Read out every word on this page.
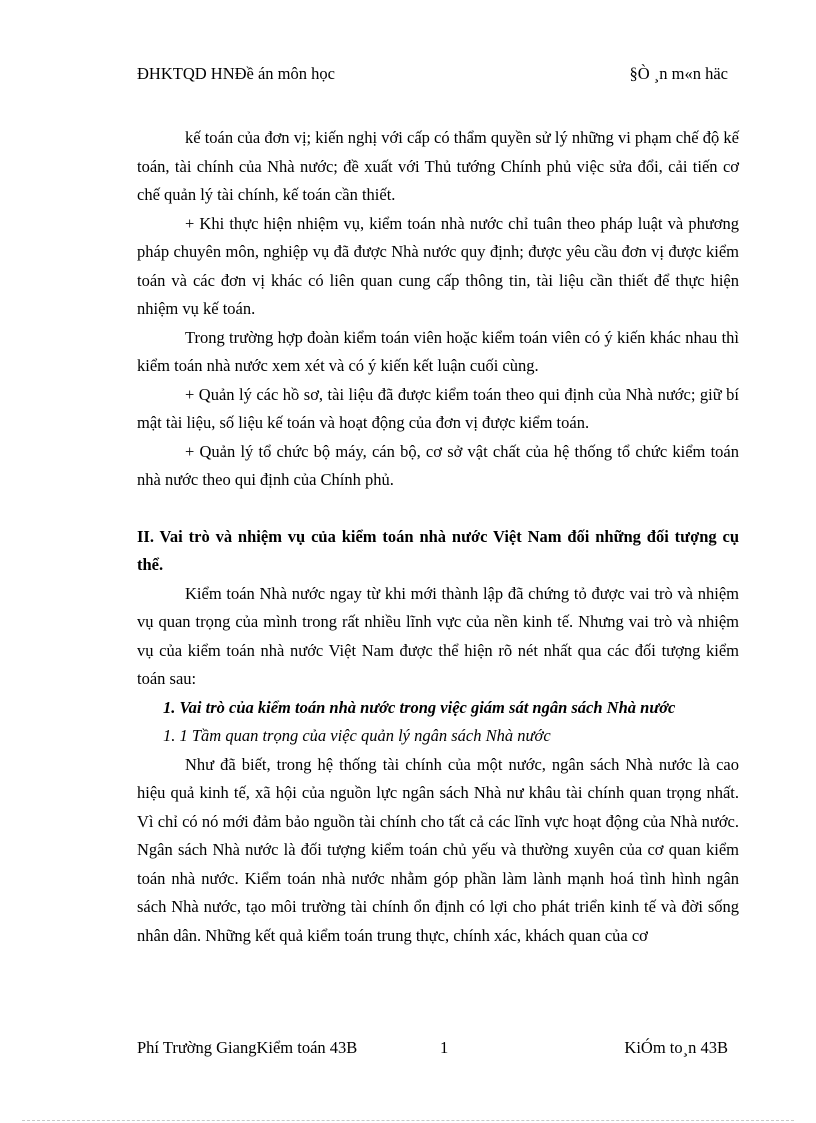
ĐHKTQD HNĐề án môn học	§Ò ¸n m«n häc

kế toán của đơn vị; kiến nghị với cấp có thẩm quyền sử lý những vi phạm chế độ kế toán, tài chính của Nhà nước; đề xuất với Thủ tướng Chính phủ việc sửa đổi, cải tiến cơ chế quản lý tài chính, kế toán cần thiết.

+ Khi thực hiện nhiệm vụ, kiểm toán nhà nước chỉ tuân theo pháp luật và phương pháp chuyên môn, nghiệp vụ đã được Nhà nước quy định; được yêu cầu đơn vị được kiểm toán và các đơn vị khác có liên quan cung cấp thông tin, tài liệu cần thiết để thực hiện nhiệm vụ kế toán.

Trong trường hợp đoàn kiểm toán viên hoặc kiểm toán viên có ý kiến khác nhau thì kiểm toán nhà nước xem xét và có ý kiến kết luận cuối cùng.

+ Quản lý các hồ sơ, tài liệu đã được kiểm toán theo qui định của Nhà nước; giữ bí mật tài liệu, số liệu kế toán và hoạt động của đơn vị được kiểm toán.

+ Quản lý tổ chức bộ máy, cán bộ, cơ sở vật chất của hệ thống tổ chức kiểm toán nhà nước theo qui định của Chính phủ.

II. Vai trò và nhiệm vụ của kiểm toán nhà nước Việt Nam đối những đối tượng cụ thể.

Kiểm toán Nhà nước ngay từ khi mới thành lập đã chứng tỏ được vai trò và nhiệm vụ quan trọng của mình trong rất nhiều lĩnh vực của nền kinh tế. Nhưng vai trò và nhiệm vụ của kiểm toán nhà nước Việt Nam được thể hiện rõ nét nhất qua các đối tượng kiểm toán sau:

1. Vai trò của kiểm toán nhà nước trong việc giám sát ngân sách Nhà nước

1. 1 Tầm quan trọng của việc quản lý ngân sách Nhà nước

Như đã biết, trong hệ thống tài chính của một nước, ngân sách Nhà nước là cao hiệu quả kinh tế, xã hội của nguồn lực ngân sách Nhà nư khâu tài chính quan trọng nhất. Vì chỉ có nó mới đảm bảo nguồn tài chính cho tất cả các lĩnh vực hoạt động của Nhà nước. Ngân sách Nhà nước là đối tượng kiểm toán chủ yếu và thường xuyên của cơ quan kiểm toán nhà nước. Kiểm toán nhà nước nhằm góp phần làm lành mạnh hoá tình hình ngân sách Nhà nước, tạo môi trường tài chính ổn định có lợi cho phát triển kinh tế và đời sống nhân dân. Những kết quả kiểm toán trung thực, chính xác, khách quan của cơ

Phí Trường GiangKiểm toán 43B	1	KiÓm to¸n 43B
